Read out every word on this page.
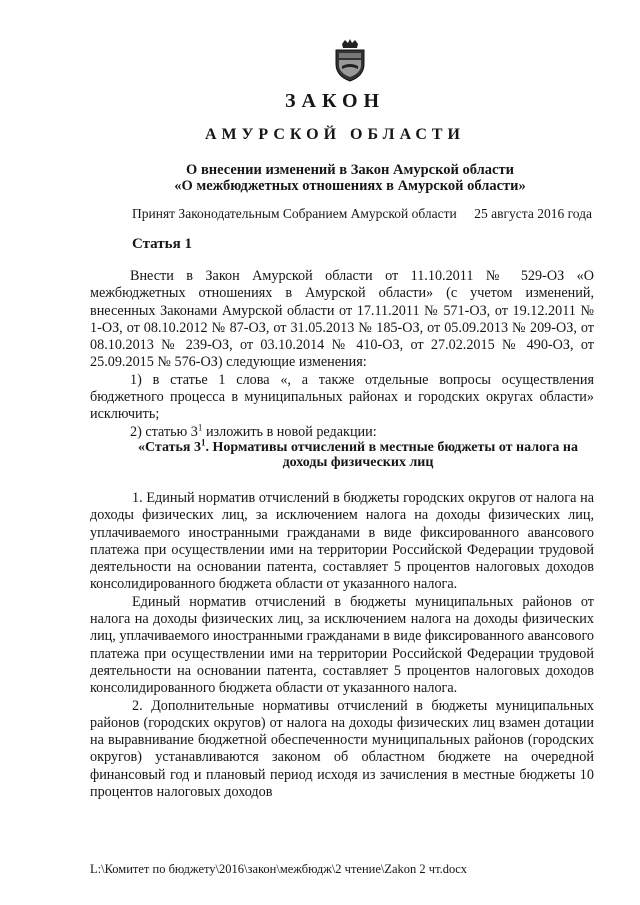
ЗАКОН
АМУРСКОЙ ОБЛАСТИ
О внесении изменений в Закон Амурской области
«О межбюджетных отношениях в Амурской области»
Принят Законодательным Собранием Амурской области 25 августа 2016 года
Статья 1

Внести в Закон Амурской области от 11.10.2011 № 529-ОЗ «О межбюджетных отношениях в Амурской области» (с учетом изменений, внесенных Законами Амурской области от 17.11.2011 № 571-ОЗ, от 19.12.2011 № 1-ОЗ, от 08.10.2012 № 87-ОЗ, от 31.05.2013 № 185-ОЗ, от 05.09.2013 № 209-ОЗ, от 08.10.2013 № 239-ОЗ, от 03.10.2014 № 410-ОЗ, от 27.02.2015 № 490-ОЗ, от 25.09.2015 № 576-ОЗ) следующие изменения:

1) в статье 1 слова «, а также отдельные вопросы осуществления бюджетного процесса в муниципальных районах и городских округах области» исключить;

2) статью $3^1$ изложить в новой редакции:

«Статья $3^1$. Нормативы отчислений в местные бюджеты от налога на доходы физических лиц

1. Единый норматив отчислений в бюджеты городских округов от налога на доходы физических лиц, за исключением налога на доходы физических лиц, уплачиваемого иностранными гражданами в виде фиксированного авансового платежа при осуществлении ими на территории Российской Федерации трудовой деятельности на основании патента, составляет 5 процентов налоговых доходов консолидированного бюджета области от указанного налога.

Единый норматив отчислений в бюджеты муниципальных районов от налога на доходы физических лиц, за исключением налога на доходы физических лиц, уплачиваемого иностранными гражданами в виде фиксированного авансового платежа при осуществлении ими на территории Российской Федерации трудовой деятельности на основании патента, составляет 5 процентов налоговых доходов консолидированного бюджета области от указанного налога.

2. Дополнительные нормативы отчислений в бюджеты муниципальных районов (городских округов) от налога на доходы физических лиц взамен дотации на выравнивание бюджетной обеспеченности муниципальных районов (городских округов) устанавливаются законом об областном бюджете на очередной финансовый год и плановый период исходя из зачисления в местные бюджеты 10 процентов налоговых доходов

L:\Комитет по бюджету\2016\закон\межбюдж\2 чтение\Zakon 2 чт.docx
